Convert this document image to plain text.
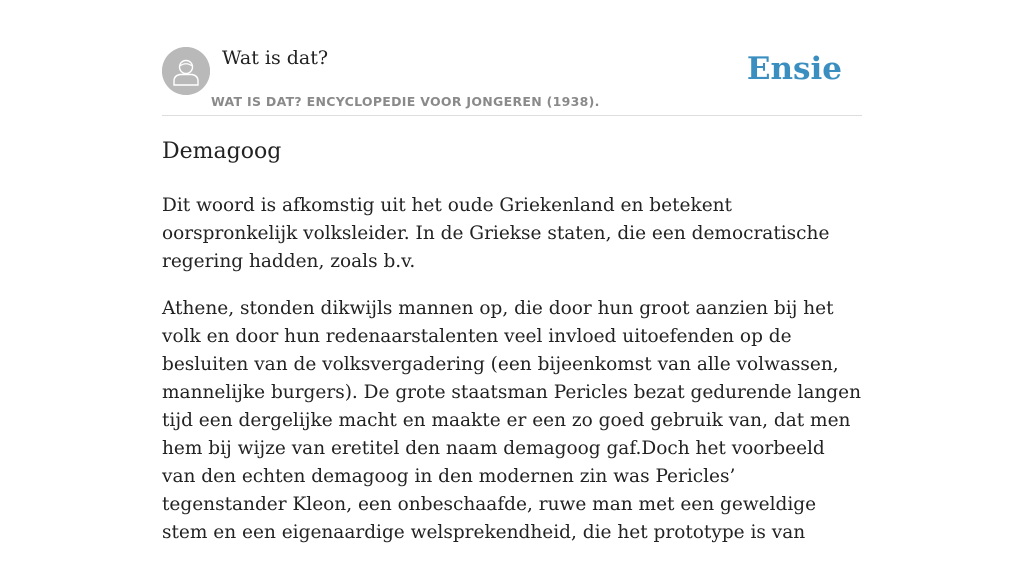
Wat is dat?
WAT IS DAT? ENCYCLOPEDIE VOOR JONGEREN (1938).
Ensie
Demagoog

Dit woord is afkomstig uit het oude Griekenland en betekent oorspronkelijk volksleider. In de Griekse staten, die een democratische regering hadden, zoals b.v.

Athene, stonden dikwijls mannen op, die door hun groot aanzien bij het volk en door hun redenaarstalenten veel invloed uitoefenden op de besluiten van de volksvergadering (een bijeenkomst van alle volwassen, mannelijke burgers). De grote staatsman Pericles bezat gedurende langen tijd een dergelijke macht en maakte er een zo goed gebruik van, dat men hem bij wijze van eretitel den naam demagoog gaf.Doch het voorbeeld van den echten demagoog in den modernen zin was Pericles’ tegenstander Kleon, een onbeschaafde, ruwe man met een geweldige stem en een eigenaardige welsprekendheid, die het prototype is van
